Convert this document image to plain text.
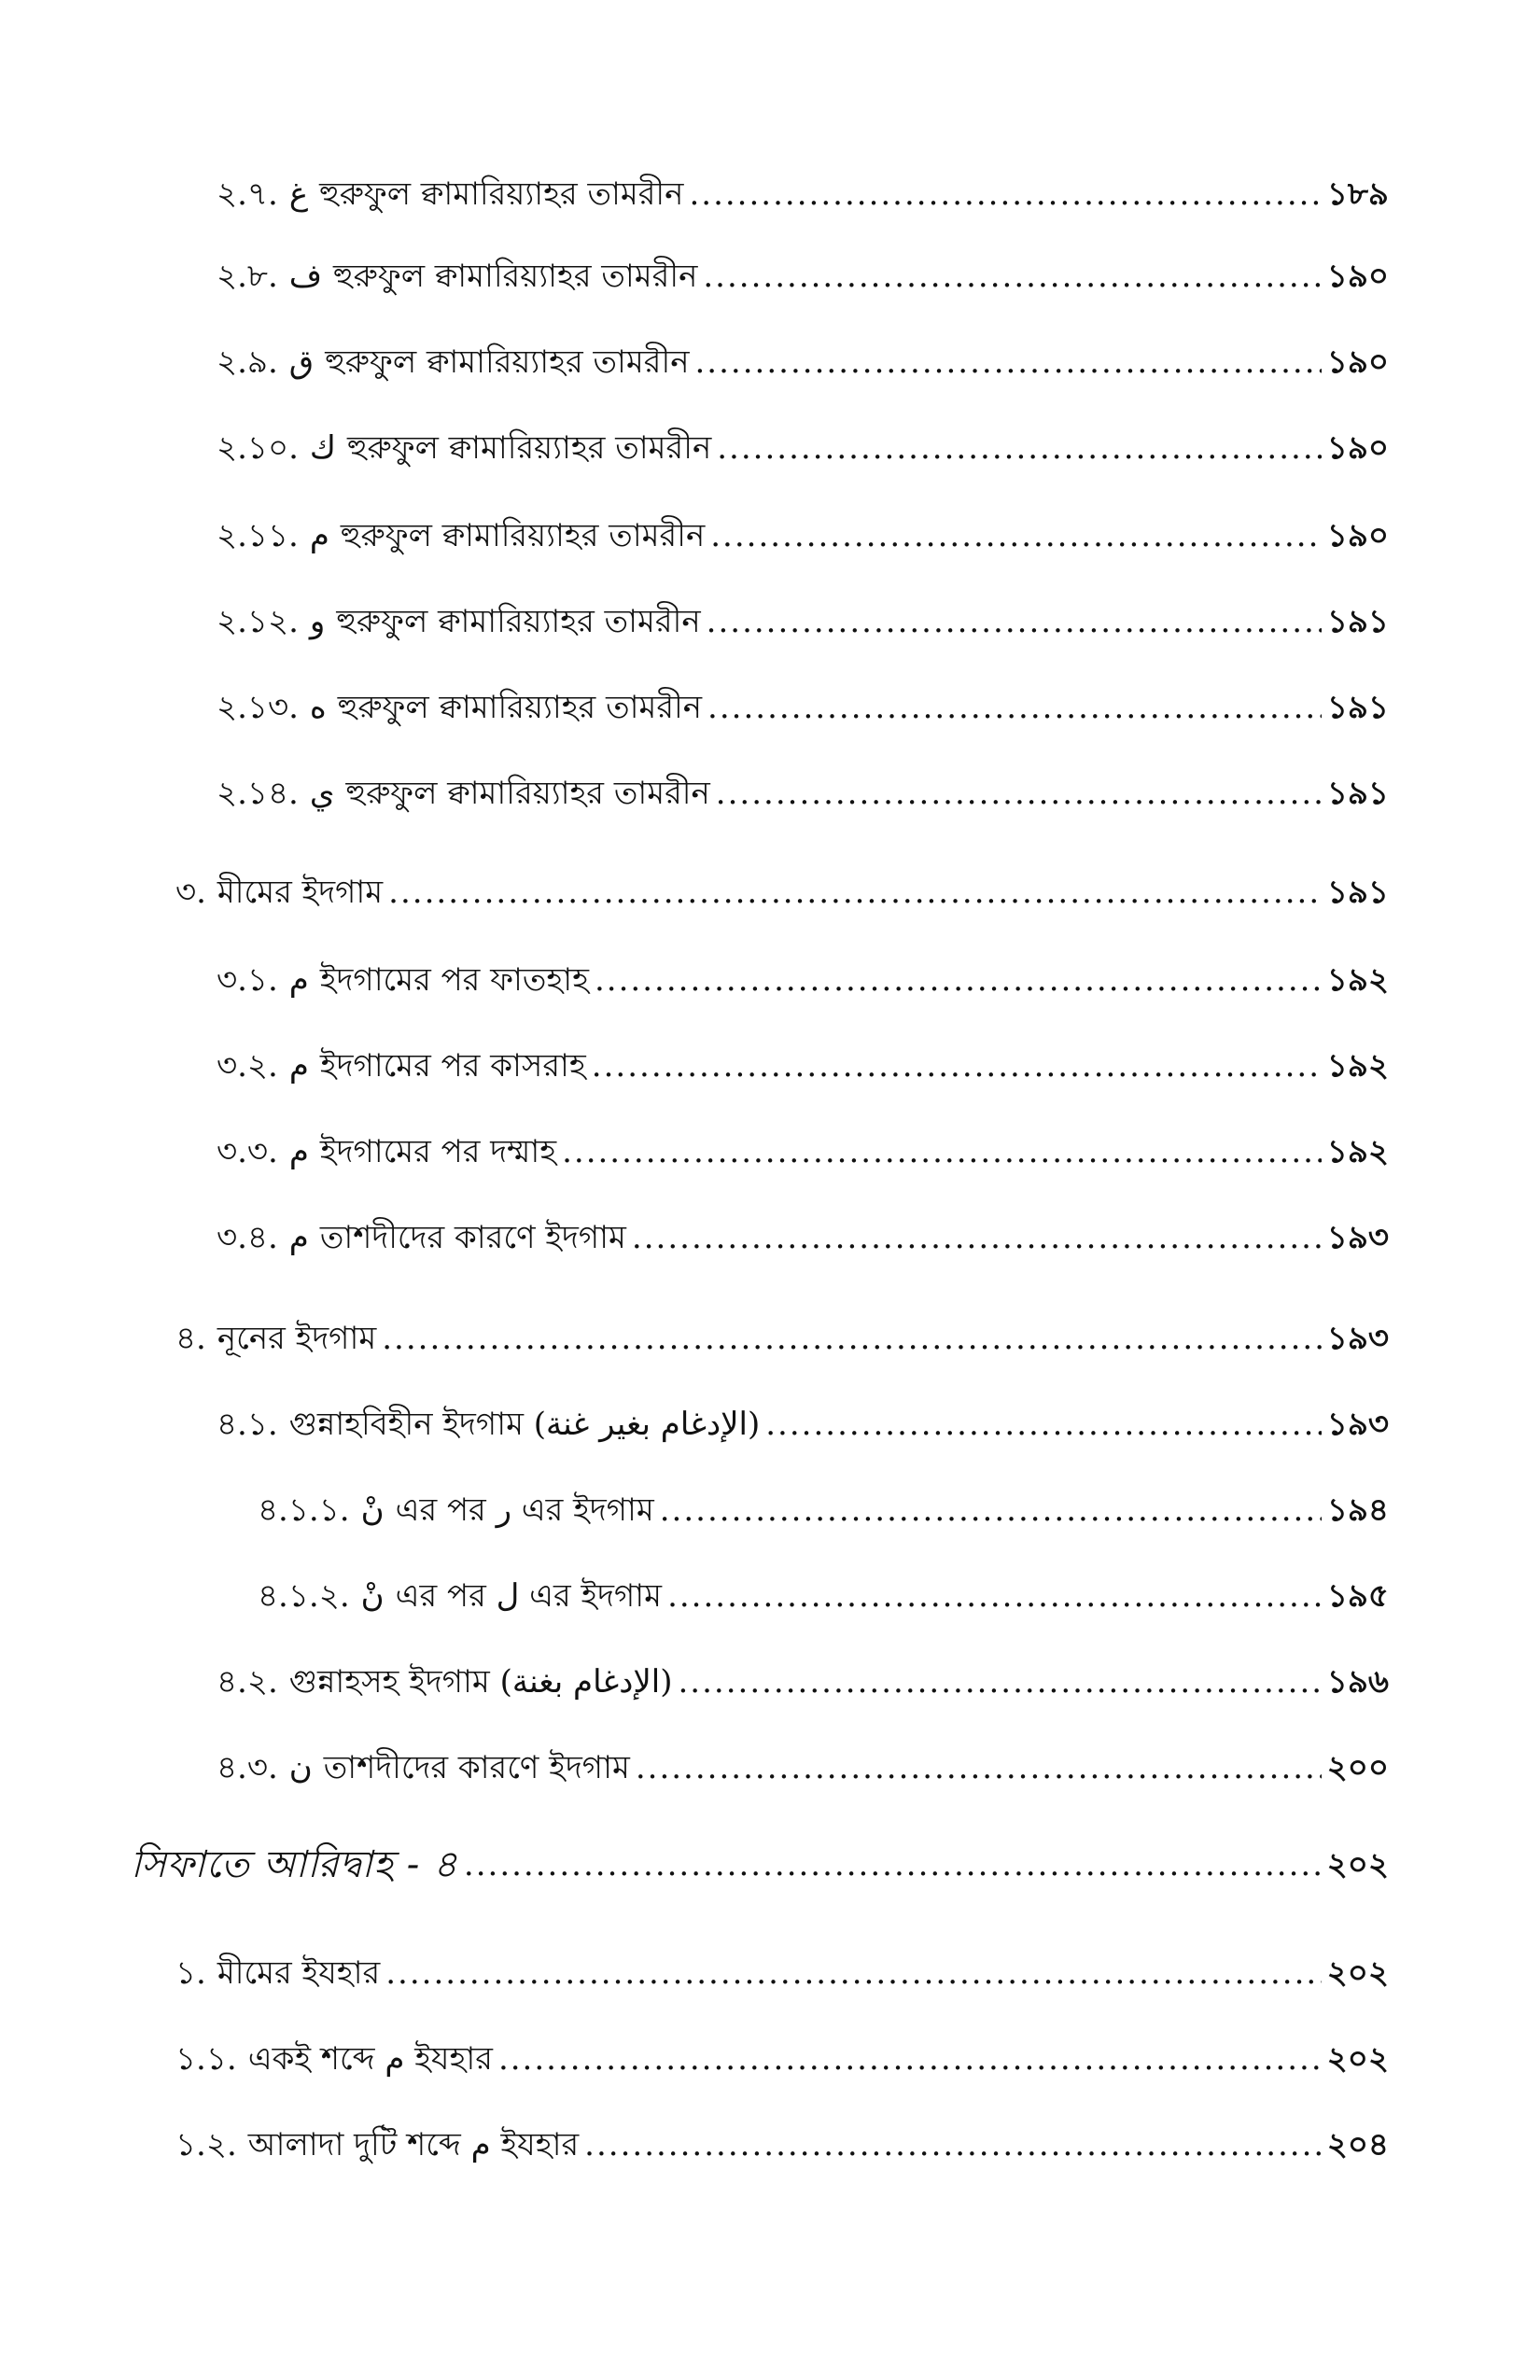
২.৭. غ হুরুফুল ক্বামারিয়্যাহর তামরীন .....	১৮৯
২.৮. ف হুরুফুল ক্বামারিয়্যাহর তামরীন .....	১৯০
২.৯. ق হুরুফুল ক্বামারিয়্যাহর তামরীন .....	১৯০
২.১০. ك হুরুফুল ক্বামারিয়্যাহর তামরীন .....	১৯০
২.১১. م হুরুফুল ক্বামারিয়্যাহর তামরীন .....	১৯০
২.১২. و হুরুফুল ক্বামারিয়্যাহর তামরীন .....	১৯১
২.১৩. ه হুরুফুল ক্বামারিয়্যাহর তামরীন .....	১৯১
২.১৪. ي হুরুফুল ক্বামারিয়্যাহর তামরীন .....	১৯১
৩. মীমের ইদগাম .....	১৯১
৩.১. م ইদগামের পর ফাতহাহ .....	১৯২
৩.২. م ইদগামের পর কাসরাহ .....	১৯২
৩.৩. م ইদগামের পর দম্মাহ .....	১৯২
৩.৪. م তাশদীদের কারণে ইদগাম .....	১৯৩
৪. নূনের ইদগাম .....	১৯৩
৪.১. গুন্নাহবিহীন ইদগাম (الإدغام بغير غنة) .....	১৯৩
৪.১.১. نْ এর পর ر এর ইদগাম .....	১৯৪
৪.১.২. نْ এর পর ل এর ইদগাম .....	১৯৫
৪.২. গুন্নাহসহ ইদগাম (الإدغام بغنة) .....	১৯৬
৪.৩. ن তাশদীদের কারণে ইদগাম .....	২০০
সিফাতে আরিদ্বাহ - ৪ .....	২০২
১. মীমের ইযহার .....	২০২
১.১. একই শব্দে م ইযহার .....	২০২
১.২. আলাদা দুটি শব্দে م ইযহার .....	২০৪
